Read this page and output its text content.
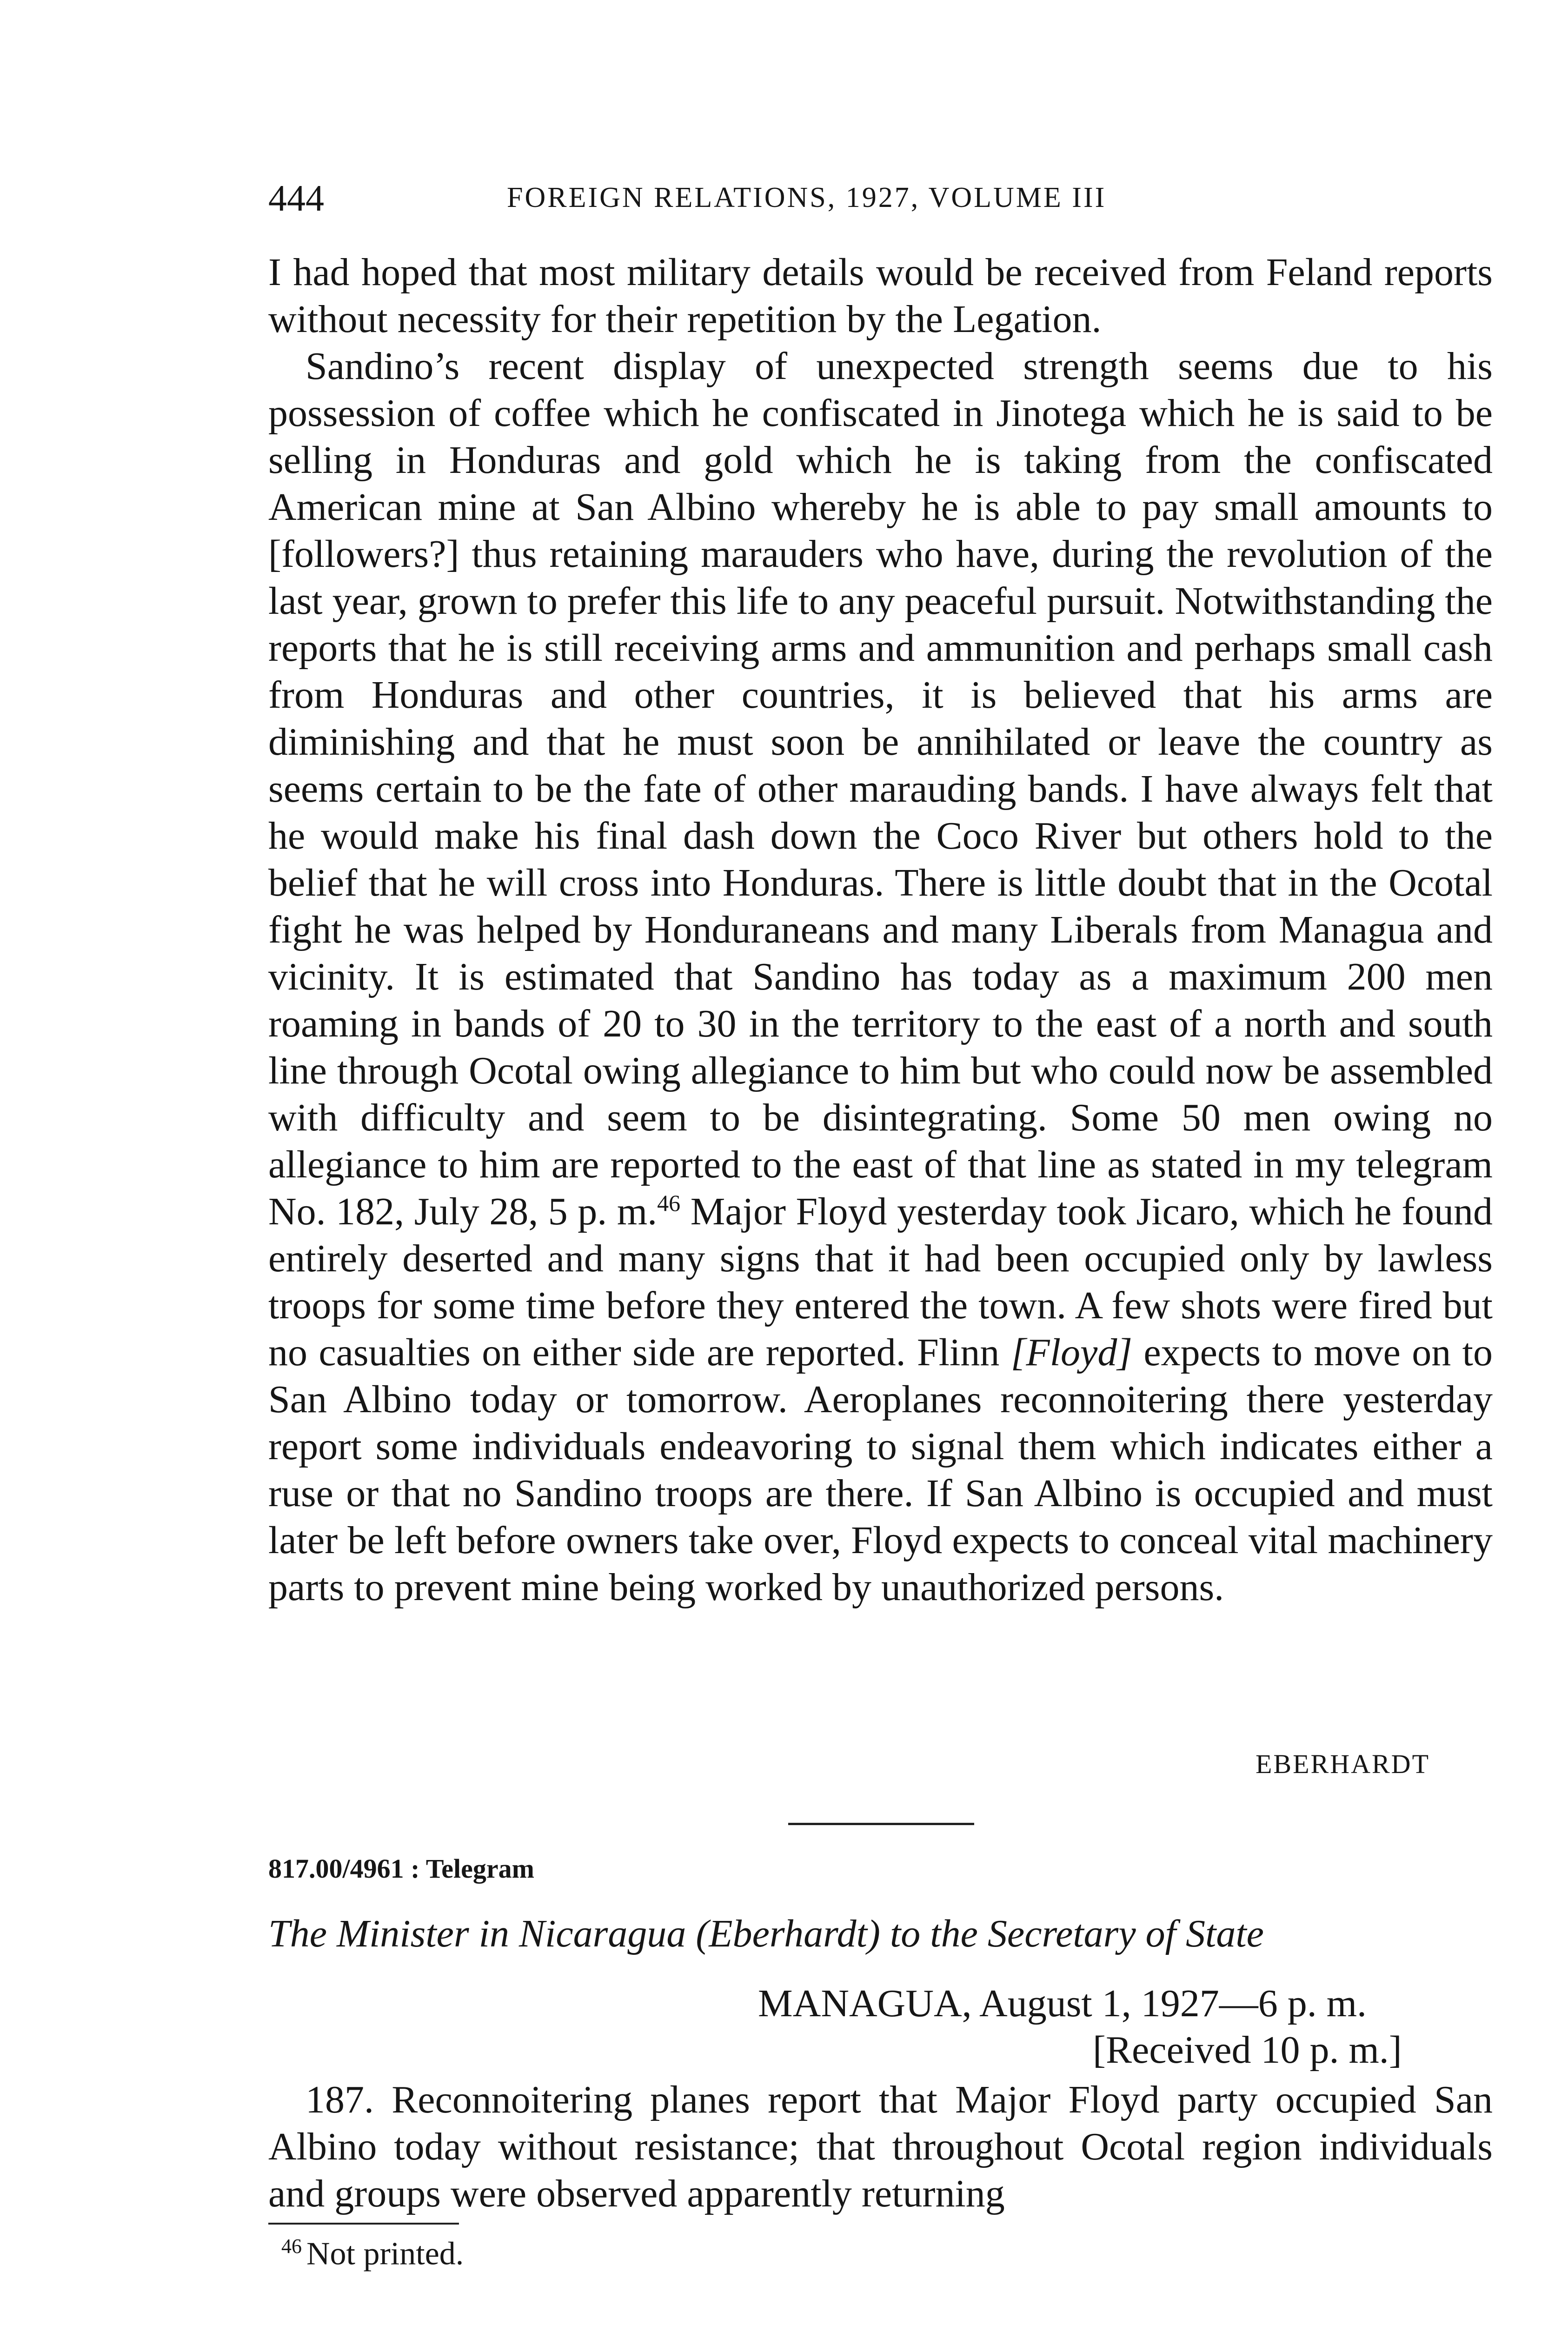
444	FOREIGN RELATIONS, 1927, VOLUME III

I had hoped that most military details would be received from Feland reports without necessity for their repetition by the Legation.

Sandino’s recent display of unexpected strength seems due to his possession of coffee which he confiscated in Jinotega which he is said to be selling in Honduras and gold which he is taking from the confiscated American mine at San Albino whereby he is able to pay small amounts to [followers?] thus retaining marauders who have, during the revolution of the last year, grown to prefer this life to any peaceful pursuit. Notwithstanding the reports that he is still receiving arms and ammunition and perhaps small cash from Honduras and other countries, it is believed that his arms are diminishing and that he must soon be annihilated or leave the country as seems certain to be the fate of other marauding bands. I have always felt that he would make his final dash down the Coco River but others hold to the belief that he will cross into Honduras. There is little doubt that in the Ocotal fight he was helped by Honduraneans and many Liberals from Managua and vicinity. It is estimated that Sandino has today as a maximum 200 men roaming in bands of 20 to 30 in the territory to the east of a north and south line through Ocotal owing allegiance to him but who could now be assembled with difficulty and seem to be disintegrating. Some 50 men owing no allegiance to him are reported to the east of that line as stated in my telegram No. 182, July 28, 5 p. m.$^{46}$ Major Floyd yesterday took Jicaro, which he found entirely deserted and many signs that it had been occupied only by lawless troops for some time before they entered the town. A few shots were fired but no casualties on either side are reported. Flinn [Floyd] expects to move on to San Albino today or tomorrow. Aeroplanes reconnoitering there yesterday report some individuals endeavoring to signal them which indicates either a ruse or that no Sandino troops are there. If San Albino is occupied and must later be left before owners take over, Floyd expects to conceal vital machinery parts to prevent mine being worked by unauthorized persons.

EBERHARDT
817.00/4961 : Telegram
The Minister in Nicaragua (Eberhardt) to the Secretary of State
MANAGUA, August 1, 1927—6 p. m.
[Received 10 p. m.]

187. Reconnoitering planes report that Major Floyd party occupied San Albino today without resistance; that throughout Ocotal region individuals and groups were observed apparently returning

$^{46}$ Not printed.
